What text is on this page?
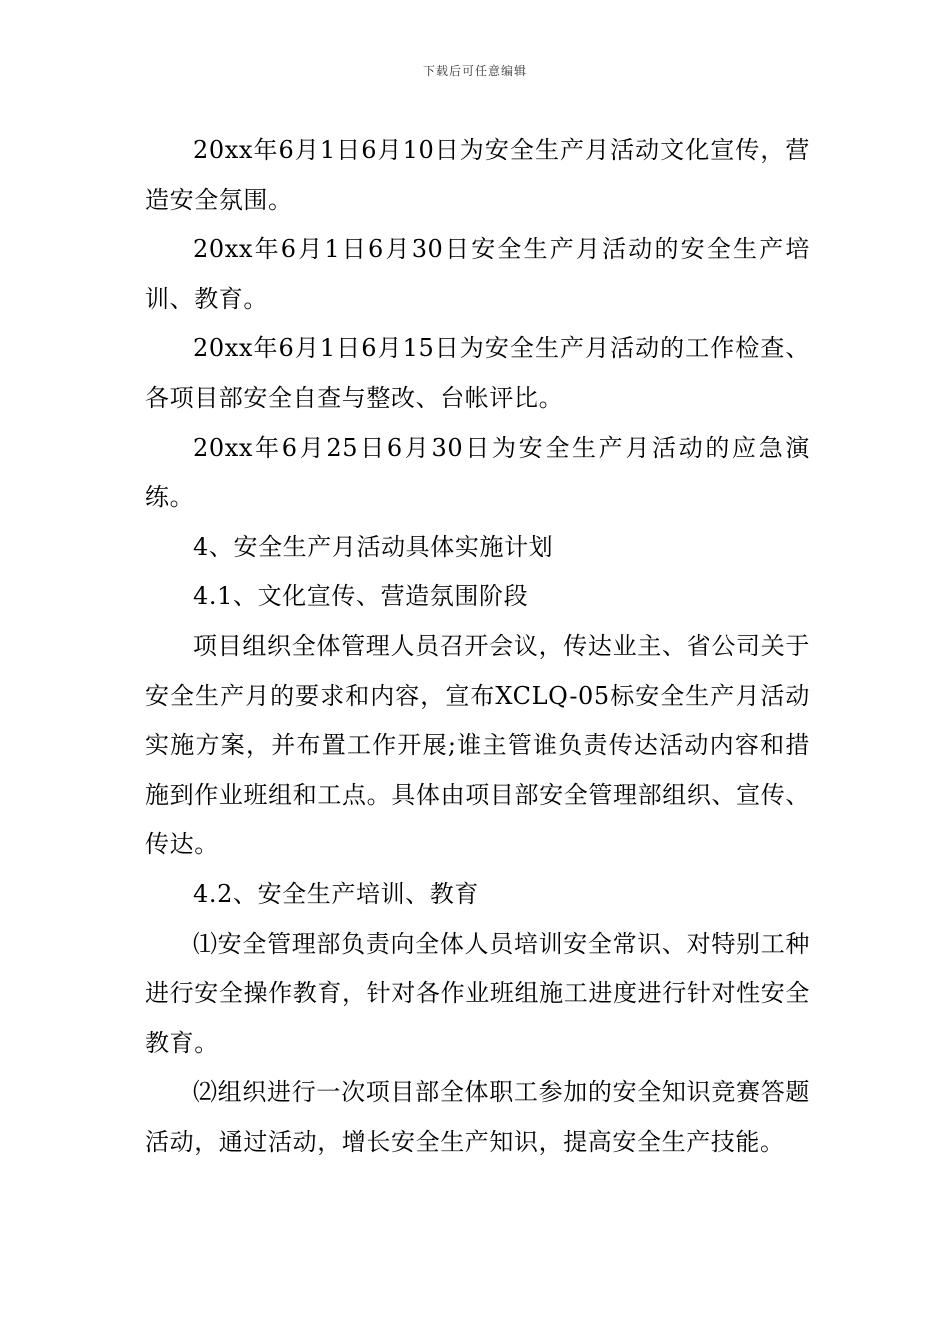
下载后可任意编辑

20xx年6月1日6月10日为安全生产月活动文化宣传，营造安全氛围。

20xx年6月1日6月30日安全生产月活动的安全生产培训、教育。

20xx年6月1日6月15日为安全生产月活动的工作检查、各项目部安全自查与整改、台帐评比。

20xx年6月25日6月30日为安全生产月活动的应急演练。

4、安全生产月活动具体实施计划

4.1、文化宣传、营造氛围阶段

项目组织全体管理人员召开会议，传达业主、省公司关于安全生产月的要求和内容，宣布XCLQ-05标安全生产月活动实施方案，并布置工作开展;谁主管谁负责传达活动内容和措施到作业班组和工点。具体由项目部安全管理部组织、宣传、传达。

4.2、安全生产培训、教育

⑴安全管理部负责向全体人员培训安全常识、对特别工种进行安全操作教育，针对各作业班组施工进度进行针对性安全教育。

⑵组织进行一次项目部全体职工参加的安全知识竞赛答题活动，通过活动，增长安全生产知识，提高安全生产技能。
